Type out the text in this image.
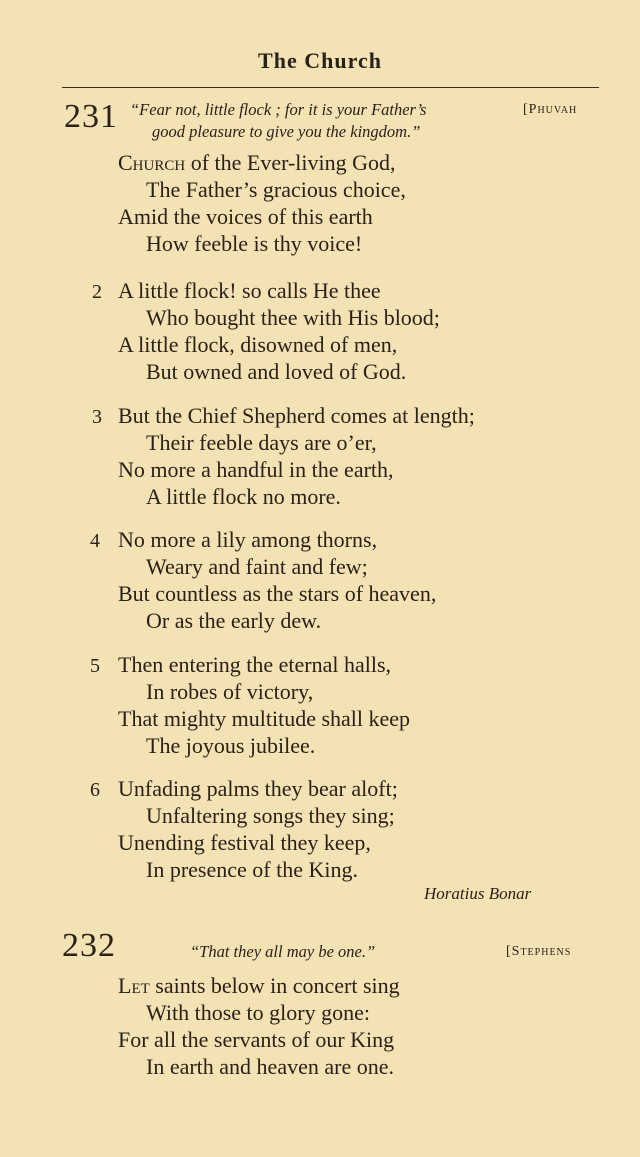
The Church
231 “Fear not, little flock ; for it is your Father’s
good pleasure to give you the kingdom.”
[Phuvah
Church of the Ever-living God,
The Father’s gracious choice,
Amid the voices of this earth
How feeble is thy voice!
2 A little flock! so calls He thee
Who bought thee with His blood;
A little flock, disowned of men,
But owned and loved of God.
3 But the Chief Shepherd comes at length;
Their feeble days are o’er,
No more a handful in the earth,
A little flock no more.
4 No more a lily among thorns,
Weary and faint and few;
But countless as the stars of heaven,
Or as the early dew.
5 Then entering the eternal halls,
In robes of victory,
That mighty multitude shall keep
The joyous jubilee.
6 Unfading palms they bear aloft;
Unfaltering songs they sing;
Unending festival they keep,
In presence of the King.
Horatius Bonar
232	“That they all may be one.”	[Stephens
Let saints below in concert sing
With those to glory gone:
For all the servants of our King
In earth and heaven are one.
